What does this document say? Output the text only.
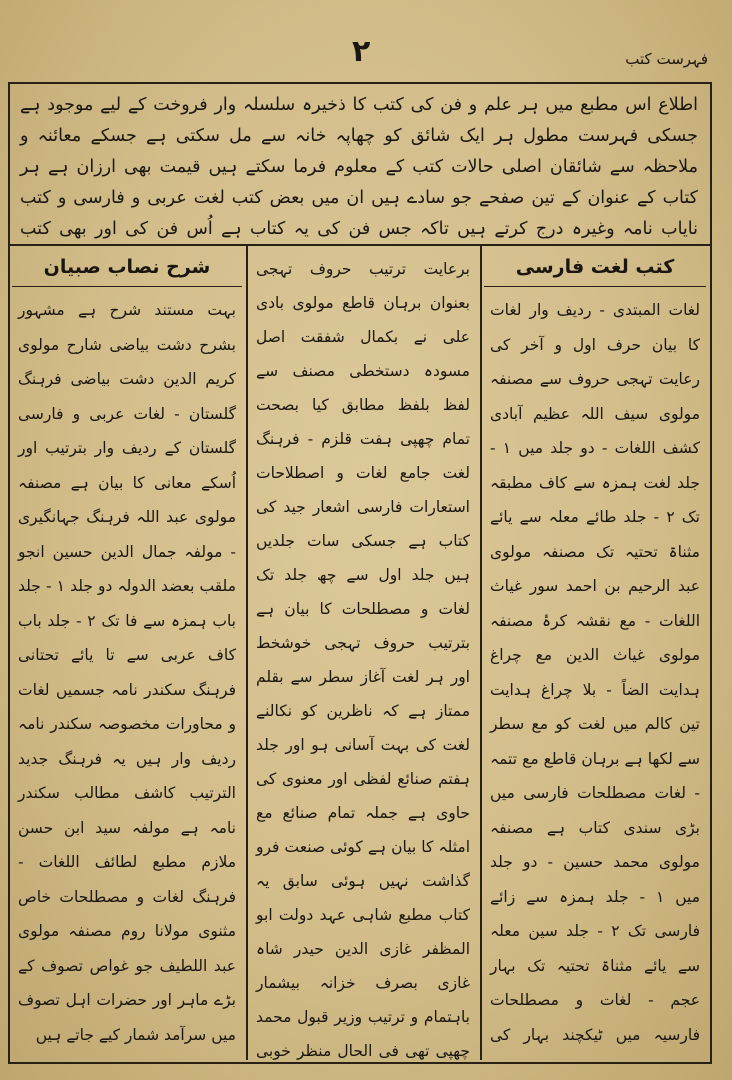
۲	فہرست کتب

اطلاع اس مطبع میں ہر علم و فن کی کتب کا ذخیرہ سلسلہ وار فروخت کے لیے موجود ہے جسکی فہرست مطول ہر ایک شائق کو چھاپہ خانہ سے مل سکتی ہے جسکے معائنہ و ملاحظہ سے شائقان اصلی حالات کتب کے معلوم فرما سکتے ہیں قیمت بھی ارزان ہے ہر کتاب کے عنوان کے تین صفحے جو سادے ہیں ان میں بعض کتب لغت عربی و فارسی و کتب نایاب نامہ وغیرہ درج کرتے ہیں تاکہ جس فن کی یہ کتاب ہے اُس فن کی اور بھی کتب

کتب لغت فارسی

لغات المبتدی - ردیف وار لغات کا بیان حرف اول و آخر کی رعایت تہجی حروف سے مصنفہ مولوی سیف اللہ عظیم آبادی کشف اللغات - دو جلد میں ۱ - جلد لغت ہمزہ سے کاف مطبقہ تک ۲ - جلد طائے معلہ سے یائے مثناۃ تحتیہ تک مصنفہ مولوی عبد الرحیم بن احمد سور غیاث اللغات - مع نقشہ کرۂ مصنفہ مولوی غیاث الدین مع چراغ ہدایت الضاً - بلا چراغ ہدایت تین کالم میں لغت کو مع سطر سے لکھا ہے برہان قاطع مع تتمہ - لغات مصطلحات فارسی میں بڑی سندی کتاب ہے مصنفہ مولوی محمد حسین - دو جلد میں ۱ - جلد ہمزہ سے زائے فارسی تک ۲ - جلد سین معلہ سے یائے مثناۃ تحتیہ تک بہار عجم - لغات و مصطلحات فارسیہ میں ٹیکچند بہار کی

برعایت ترتیب حروف تہجی بعنوان برہان قاطع مولوی بادی علی نے بکمال شفقت اصل مسودہ دستخطی مصنف سے لفظ بلفظ مطابق کیا بصحت تمام چھپی ہفت قلزم - فرہنگ لغت جامع لغات و اصطلاحات استعارات فارسی اشعار جید کی کتاب ہے جسکی سات جلدیں ہیں جلد اول سے چھ جلد تک لغات و مصطلحات کا بیان ہے بترتیب حروف تہجی خوشخط اور ہر لغت آغاز سطر سے بقلم ممتاز ہے کہ ناظرین کو نکالنے لغت کی بہت آسانی ہو اور جلد ہفتم صنائع لفظی اور معنوی کی حاوی ہے جملہ تمام صنائع مع امثلہ کا بیان ہے کوئی صنعت فرو گذاشت نہیں ہوئی سابق یہ کتاب مطبع شاہی عہد دولت ابو المظفر غازی الدین حیدر شاہ غازی بصرف خزانہ بیشمار باہتمام و ترتیب وزیر قبول محمد چھپی تھی فی الحال منظر خوبی

شرح نصاب صبیان

بہت مستند شرح ہے مشہور بشرح دشت بیاضی شارح مولوی کریم الدین دشت بیاضی فرہنگ گلستان - لغات عربی و فارسی گلستان کے ردیف وار بترتیب اور اُسکے معانی کا بیان ہے مصنفہ مولوی عبد اللہ فرہنگ جہانگیری - مولفہ جمال الدین حسین انجو ملقب بعضد الدولہ دو جلد ۱ - جلد باب ہمزہ سے فا تک ۲ - جلد باب کاف عربی سے تا یائے تحتانی فرہنگ سکندر نامہ جسمیں لغات و محاورات مخصوصہ سکندر نامہ ردیف وار ہیں یہ فرہنگ جدید الترتیب کاشف مطالب سکندر نامہ ہے مولفہ سید ابن حسن ملازم مطبع لطائف اللغات - فرہنگ لغات و مصطلحات خاص مثنوی مولانا روم مصنفہ مولوی عبد اللطیف جو غواص تصوف کے بڑے ماہر اور حضرات اہل تصوف میں سرآمد شمار کیے جاتے ہیں
